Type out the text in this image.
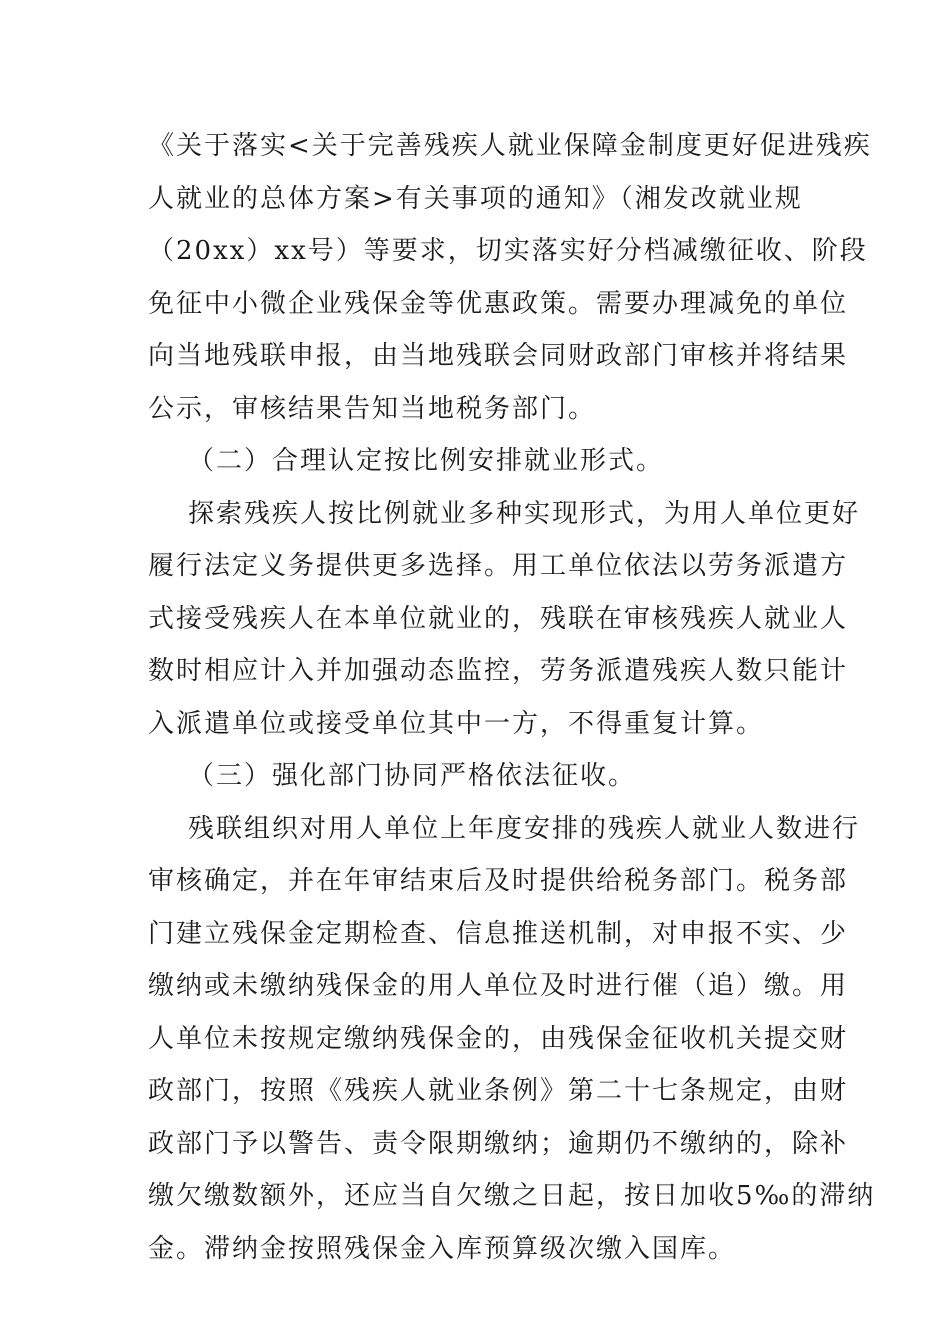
《关于落实<关于完善残疾人就业保障金制度更好促进残疾
人就业的总体方案>有关事项的通知》（湘发改就业规
（20xx）xx号）等要求，切实落实好分档减缴征收、阶段
免征中小微企业残保金等优惠政策。需要办理减免的单位
向当地残联申报，由当地残联会同财政部门审核并将结果
公示，审核结果告知当地税务部门。
（二）合理认定按比例安排就业形式。
探索残疾人按比例就业多种实现形式，为用人单位更好
履行法定义务提供更多选择。用工单位依法以劳务派遣方
式接受残疾人在本单位就业的，残联在审核残疾人就业人
数时相应计入并加强动态监控，劳务派遣残疾人数只能计
入派遣单位或接受单位其中一方，不得重复计算。
（三）强化部门协同严格依法征收。
残联组织对用人单位上年度安排的残疾人就业人数进行
审核确定，并在年审结束后及时提供给税务部门。税务部
门建立残保金定期检查、信息推送机制，对申报不实、少
缴纳或未缴纳残保金的用人单位及时进行催（追）缴。用
人单位未按规定缴纳残保金的，由残保金征收机关提交财
政部门，按照《残疾人就业条例》第二十七条规定，由财
政部门予以警告、责令限期缴纳；逾期仍不缴纳的，除补
缴欠缴数额外，还应当自欠缴之日起，按日加收5‰的滞纳
金。滞纳金按照残保金入库预算级次缴入国库。
